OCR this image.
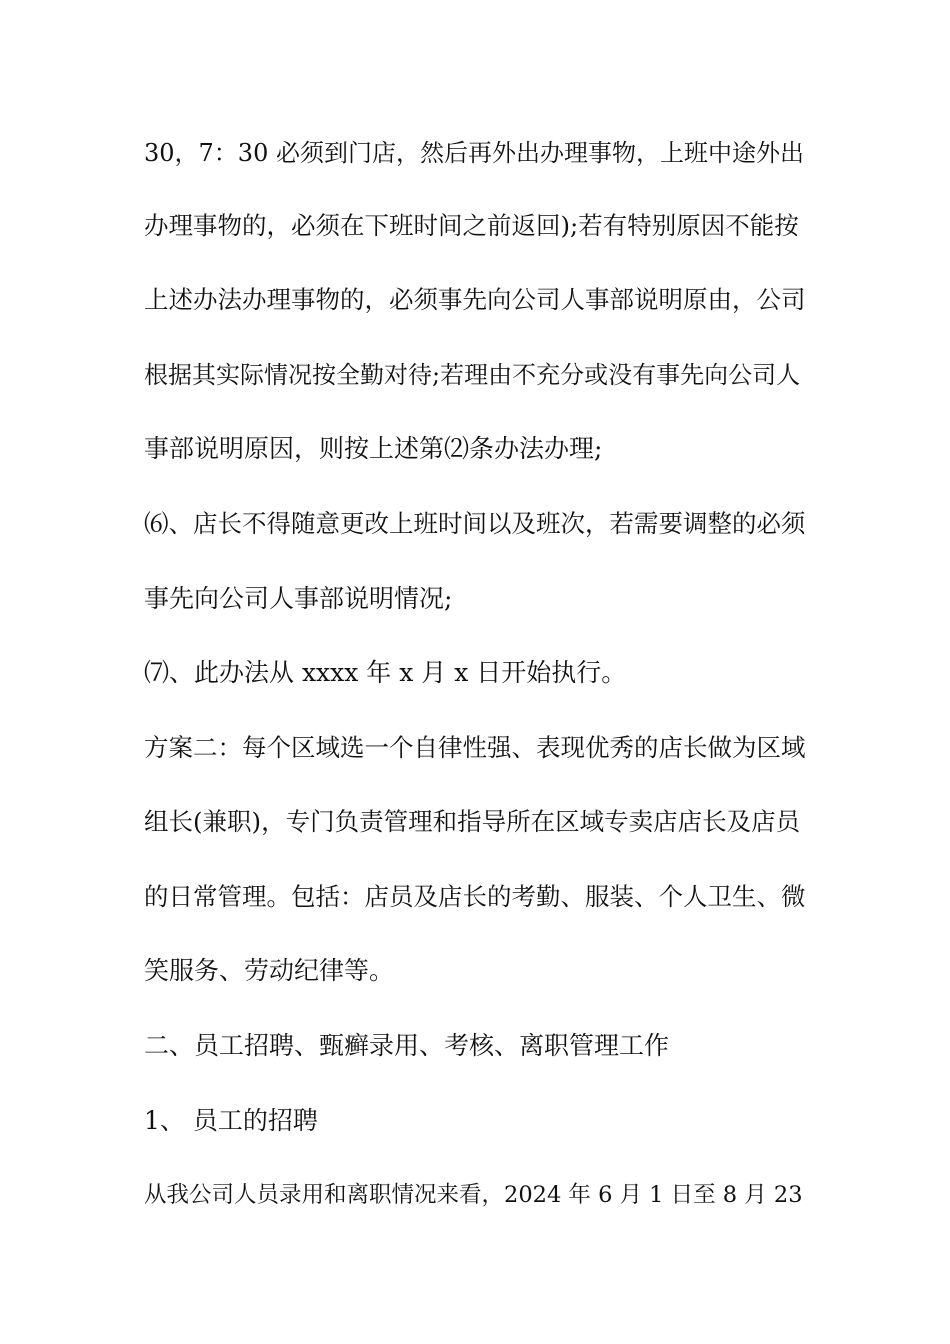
30，7：30 必须到门店，然后再外出办理事物，上班中途外出
办理事物的，必须在下班时间之前返回);若有特别原因不能按
上述办法办理事物的，必须事先向公司人事部说明原由，公司
根据其实际情况按全勤对待;若理由不充分或没有事先向公司人
事部说明原因，则按上述第⑵条办法办理;
⑹、店长不得随意更改上班时间以及班次，若需要调整的必须
事先向公司人事部说明情况;
⑺、此办法从 xxxx 年 x 月 x 日开始执行。
方案二：每个区域选一个自律性强、表现优秀的店长做为区域
组长(兼职)，专门负责管理和指导所在区域专卖店店长及店员
的日常管理。包括：店员及店长的考勤、服装、个人卫生、微
笑服务、劳动纪律等。
二、员工招聘、甄癣录用、考核、离职管理工作
1、 员工的招聘
从我公司人员录用和离职情况来看，2024 年 6 月 1 日至 8 月 23
